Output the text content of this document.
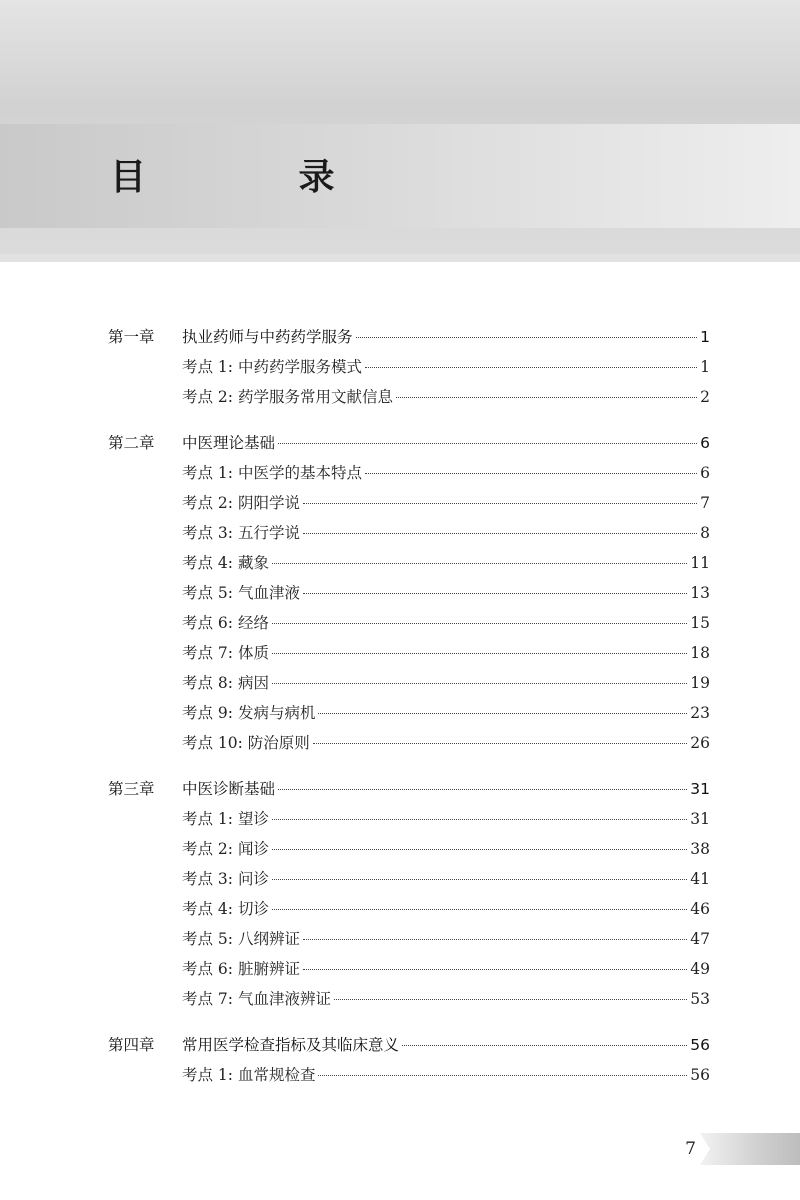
目 录
第一章	执业药师与中药药学服务	1
考点 1: 中药药学服务模式	1
考点 2: 药学服务常用文献信息	2
第二章	中医理论基础	6
考点 1: 中医学的基本特点	6
考点 2: 阴阳学说	7
考点 3: 五行学说	8
考点 4: 藏象	11
考点 5: 气血津液	13
考点 6: 经络	15
考点 7: 体质	18
考点 8: 病因	19
考点 9: 发病与病机	23
考点 10: 防治原则	26
第三章	中医诊断基础	31
考点 1: 望诊	31
考点 2: 闻诊	38
考点 3: 问诊	41
考点 4: 切诊	46
考点 5: 八纲辨证	47
考点 6: 脏腑辨证	49
考点 7: 气血津液辨证	53
第四章	常用医学检查指标及其临床意义	56
考点 1: 血常规检查	56
7
